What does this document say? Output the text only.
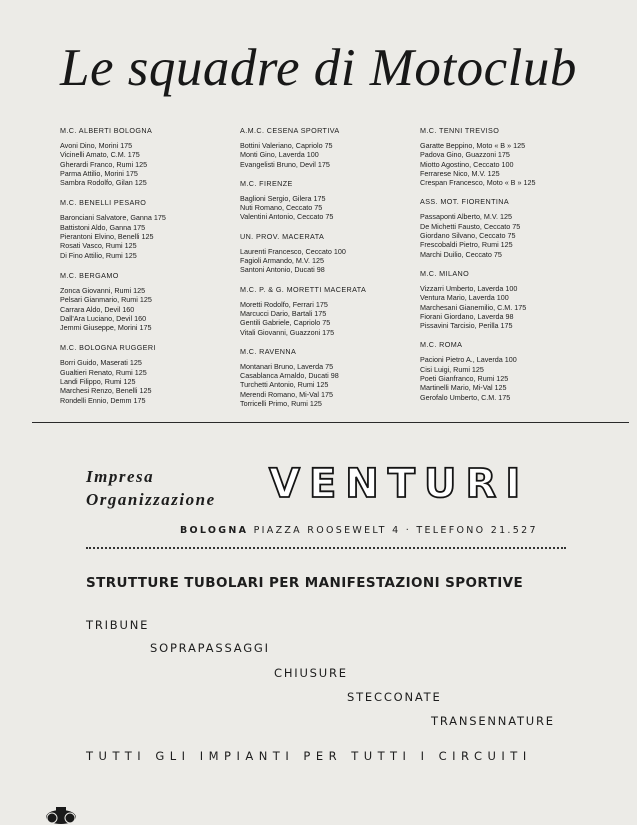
Le squadre di Motoclub
M.C. ALBERTI BOLOGNA
Avoni Dino, Morini 175
Vicinelli Amato, C.M. 175
Gherardi Franco, Rumi 125
Parma Attilio, Morini 175
Sambra Rodolfo, Gilan 125
M.C. BENELLI PESARO
Baronciani Salvatore, Ganna 175
Battistoni Aldo, Ganna 175
Pierantoni Elvino, Benelli 125
Rosati Vasco, Rumi 125
Di Fino Attilio, Rumi 125
M.C. BERGAMO
Zonca Giovanni, Rumi 125
Pelsari Gianmario, Rumi 125
Carrara Aldo, Devil 160
Dall'Ara Luciano, Devil 160
Jemmi Giuseppe, Morini 175
M.C. BOLOGNA RUGGERI
Borri Guido, Maserati 125
Gualtieri Renato, Rumi 125
Landi Filippo, Rumi 125
Marchesi Renzo, Benelli 125
Rondelli Ennio, Demm 175
A.M.C. CESENA SPORTIVA
Bottini Valeriano, Capriolo 75
Monti Gino, Laverda 100
Evangelisti Bruno, Devil 175
M.C. FIRENZE
Baglioni Sergio, Gilera 175
Nuti Romano, Ceccato 75
Valentini Antonio, Ceccato 75
UN. PROV. MACERATA
Laurenti Francesco, Ceccato 100
Fagioli Armando, M.V. 125
Santoni Antonio, Ducati 98
M.C. P. & G. MORETTI MACERATA
Moretti Rodolfo, Ferrari 175
Marcucci Dario, Bartali 175
Gentili Gabriele, Capriolo 75
Vitali Giovanni, Guazzoni 175
M.C. RAVENNA
Montanari Bruno, Laverda 75
Casablanca Arnaldo, Ducati 98
Turchetti Antonio, Rumi 125
Merendi Romano, Mi-Val 175
Torricelli Primo, Rumi 125
M.C. TENNI TREVISO
Garatte Beppino, Moto « B » 125
Padova Gino, Guazzoni 175
Miotto Agostino, Ceccato 100
Ferrarese Nico, M.V. 125
Crespan Francesco, Moto « B » 125
ASS. MOT. FIORENTINA
Passaponti Alberto, M.V. 125
De Michetti Fausto, Ceccato 75
Giordano Silvano, Ceccato 75
Frescobaldi Pietro, Rumi 125
Marchi Duilio, Ceccato 75
M.C. MILANO
Vizzarri Umberto, Laverda 100
Ventura Mario, Laverda 100
Marchesani Gianemilio, C.M. 175
Fiorani Giordano, Laverda 98
Pissavini Tarcisio, Perilla 175
M.C. ROMA
Pacioni Pietro A., Laverda 100
Cisi Luigi, Rumi 125
Poeti Gianfranco, Rumi 125
Martinelli Mario, Mi-Val 125
Gerofalo Umberto, C.M. 175
Impresa
Organizzazione VENTURI
BOLOGNA PIAZZA ROOSEWELT 4 · TELEFONO 21.527
STRUTTURE TUBOLARI PER MANIFESTAZIONI SPORTIVE
TRIBUNE
SOPRAPASSAGGI
CHIUSURE
STECCONATE
TRANSENNATURE
TUTTI GLI IMPIANTI PER TUTTI I CIRCUITI
